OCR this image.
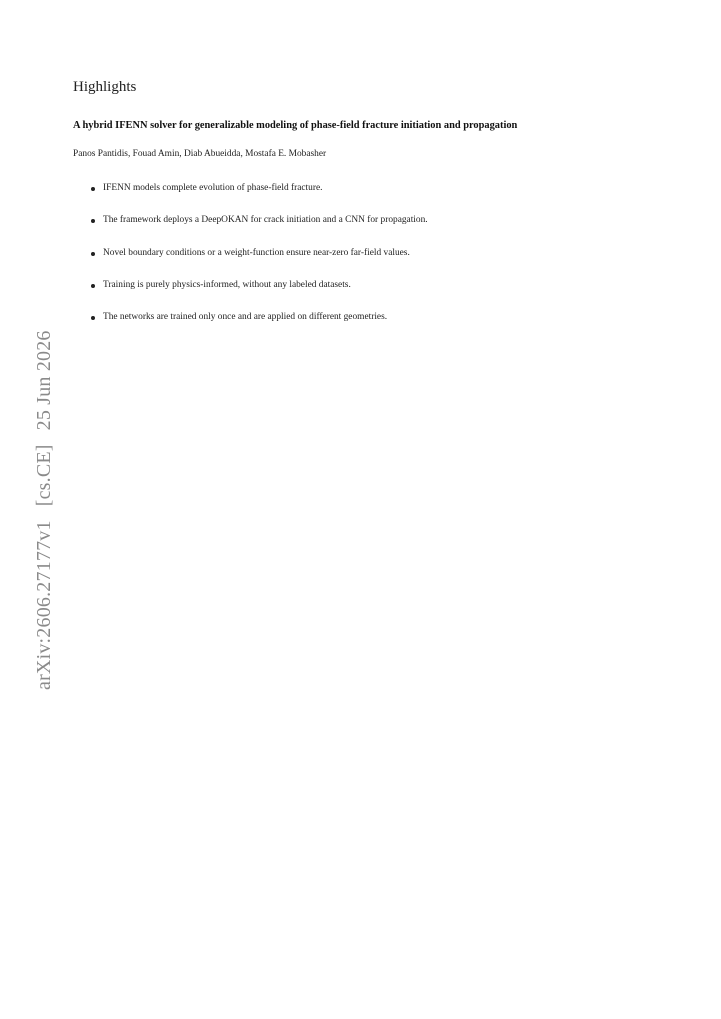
Highlights
A hybrid IFENN solver for generalizable modeling of phase-field fracture initiation and propagation

Panos Pantidis, Fouad Amin, Diab Abueidda, Mostafa E. Mobasher

IFENN models complete evolution of phase-field fracture.
The framework deploys a DeepOKAN for crack initiation and a CNN for propagation.
Novel boundary conditions or a weight-function ensure near-zero far-field values.
Training is purely physics-informed, without any labeled datasets.
The networks are trained only once and are applied on different geometries.
arXiv:2606.27177v1[cs.CE]25 Jun 2026
